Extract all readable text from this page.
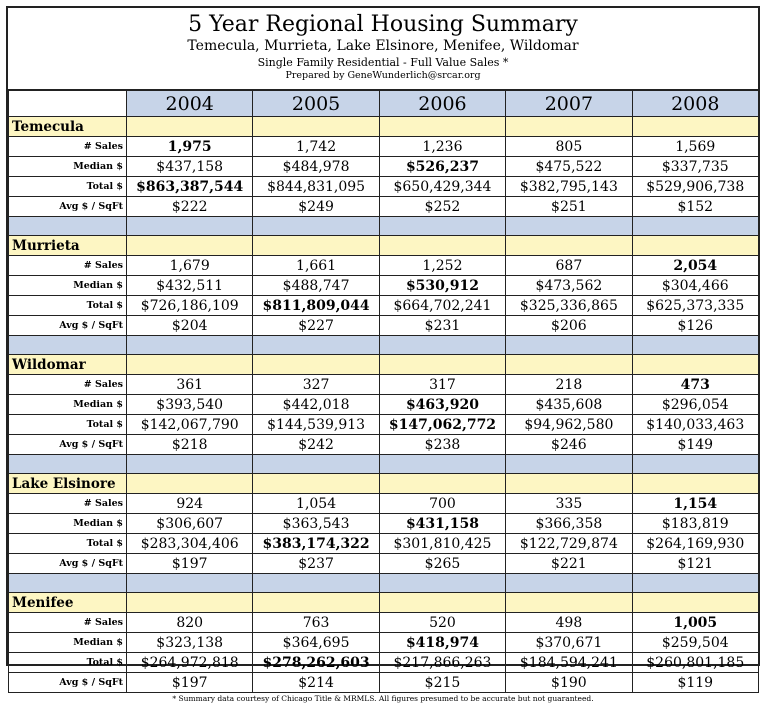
5 Year Regional Housing Summary
Temecula, Murrieta, Lake Elsinore, Menifee, Wildomar
Single Family Residential - Full Value Sales *
Prepared by GeneWunderlich@srcar.org
	2004	2005	2006	2007	2008
Temecula					
# Sales	1,975	1,742	1,236	805	1,569
Median $	$437,158	$484,978	$526,237	$475,522	$337,735
Total $	$863,387,544	$844,831,095	$650,429,344	$382,795,143	$529,906,738
Avg $ / SqFt	$222	$249	$252	$251	$152

Murrieta					
# Sales	1,679	1,661	1,252	687	2,054
Median $	$432,511	$488,747	$530,912	$473,562	$304,466
Total $	$726,186,109	$811,809,044	$664,702,241	$325,336,865	$625,373,335
Avg $ / SqFt	$204	$227	$231	$206	$126

Wildomar					
# Sales	361	327	317	218	473
Median $	$393,540	$442,018	$463,920	$435,608	$296,054
Total $	$142,067,790	$144,539,913	$147,062,772	$94,962,580	$140,033,463
Avg $ / SqFt	$218	$242	$238	$246	$149

Lake Elsinore					
# Sales	924	1,054	700	335	1,154
Median $	$306,607	$363,543	$431,158	$366,358	$183,819
Total $	$283,304,406	$383,174,322	$301,810,425	$122,729,874	$264,169,930
Avg $ / SqFt	$197	$237	$265	$221	$121

Menifee					
# Sales	820	763	520	498	1,005
Median $	$323,138	$364,695	$418,974	$370,671	$259,504
Total $	$264,972,818	$278,262,603	$217,866,263	$184,594,241	$260,801,185
Avg $ / SqFt	$197	$214	$215	$190	$119
* Summary data courtesy of Chicago Title & MRMLS. All figures presumed to be accurate but not guaranteed.
